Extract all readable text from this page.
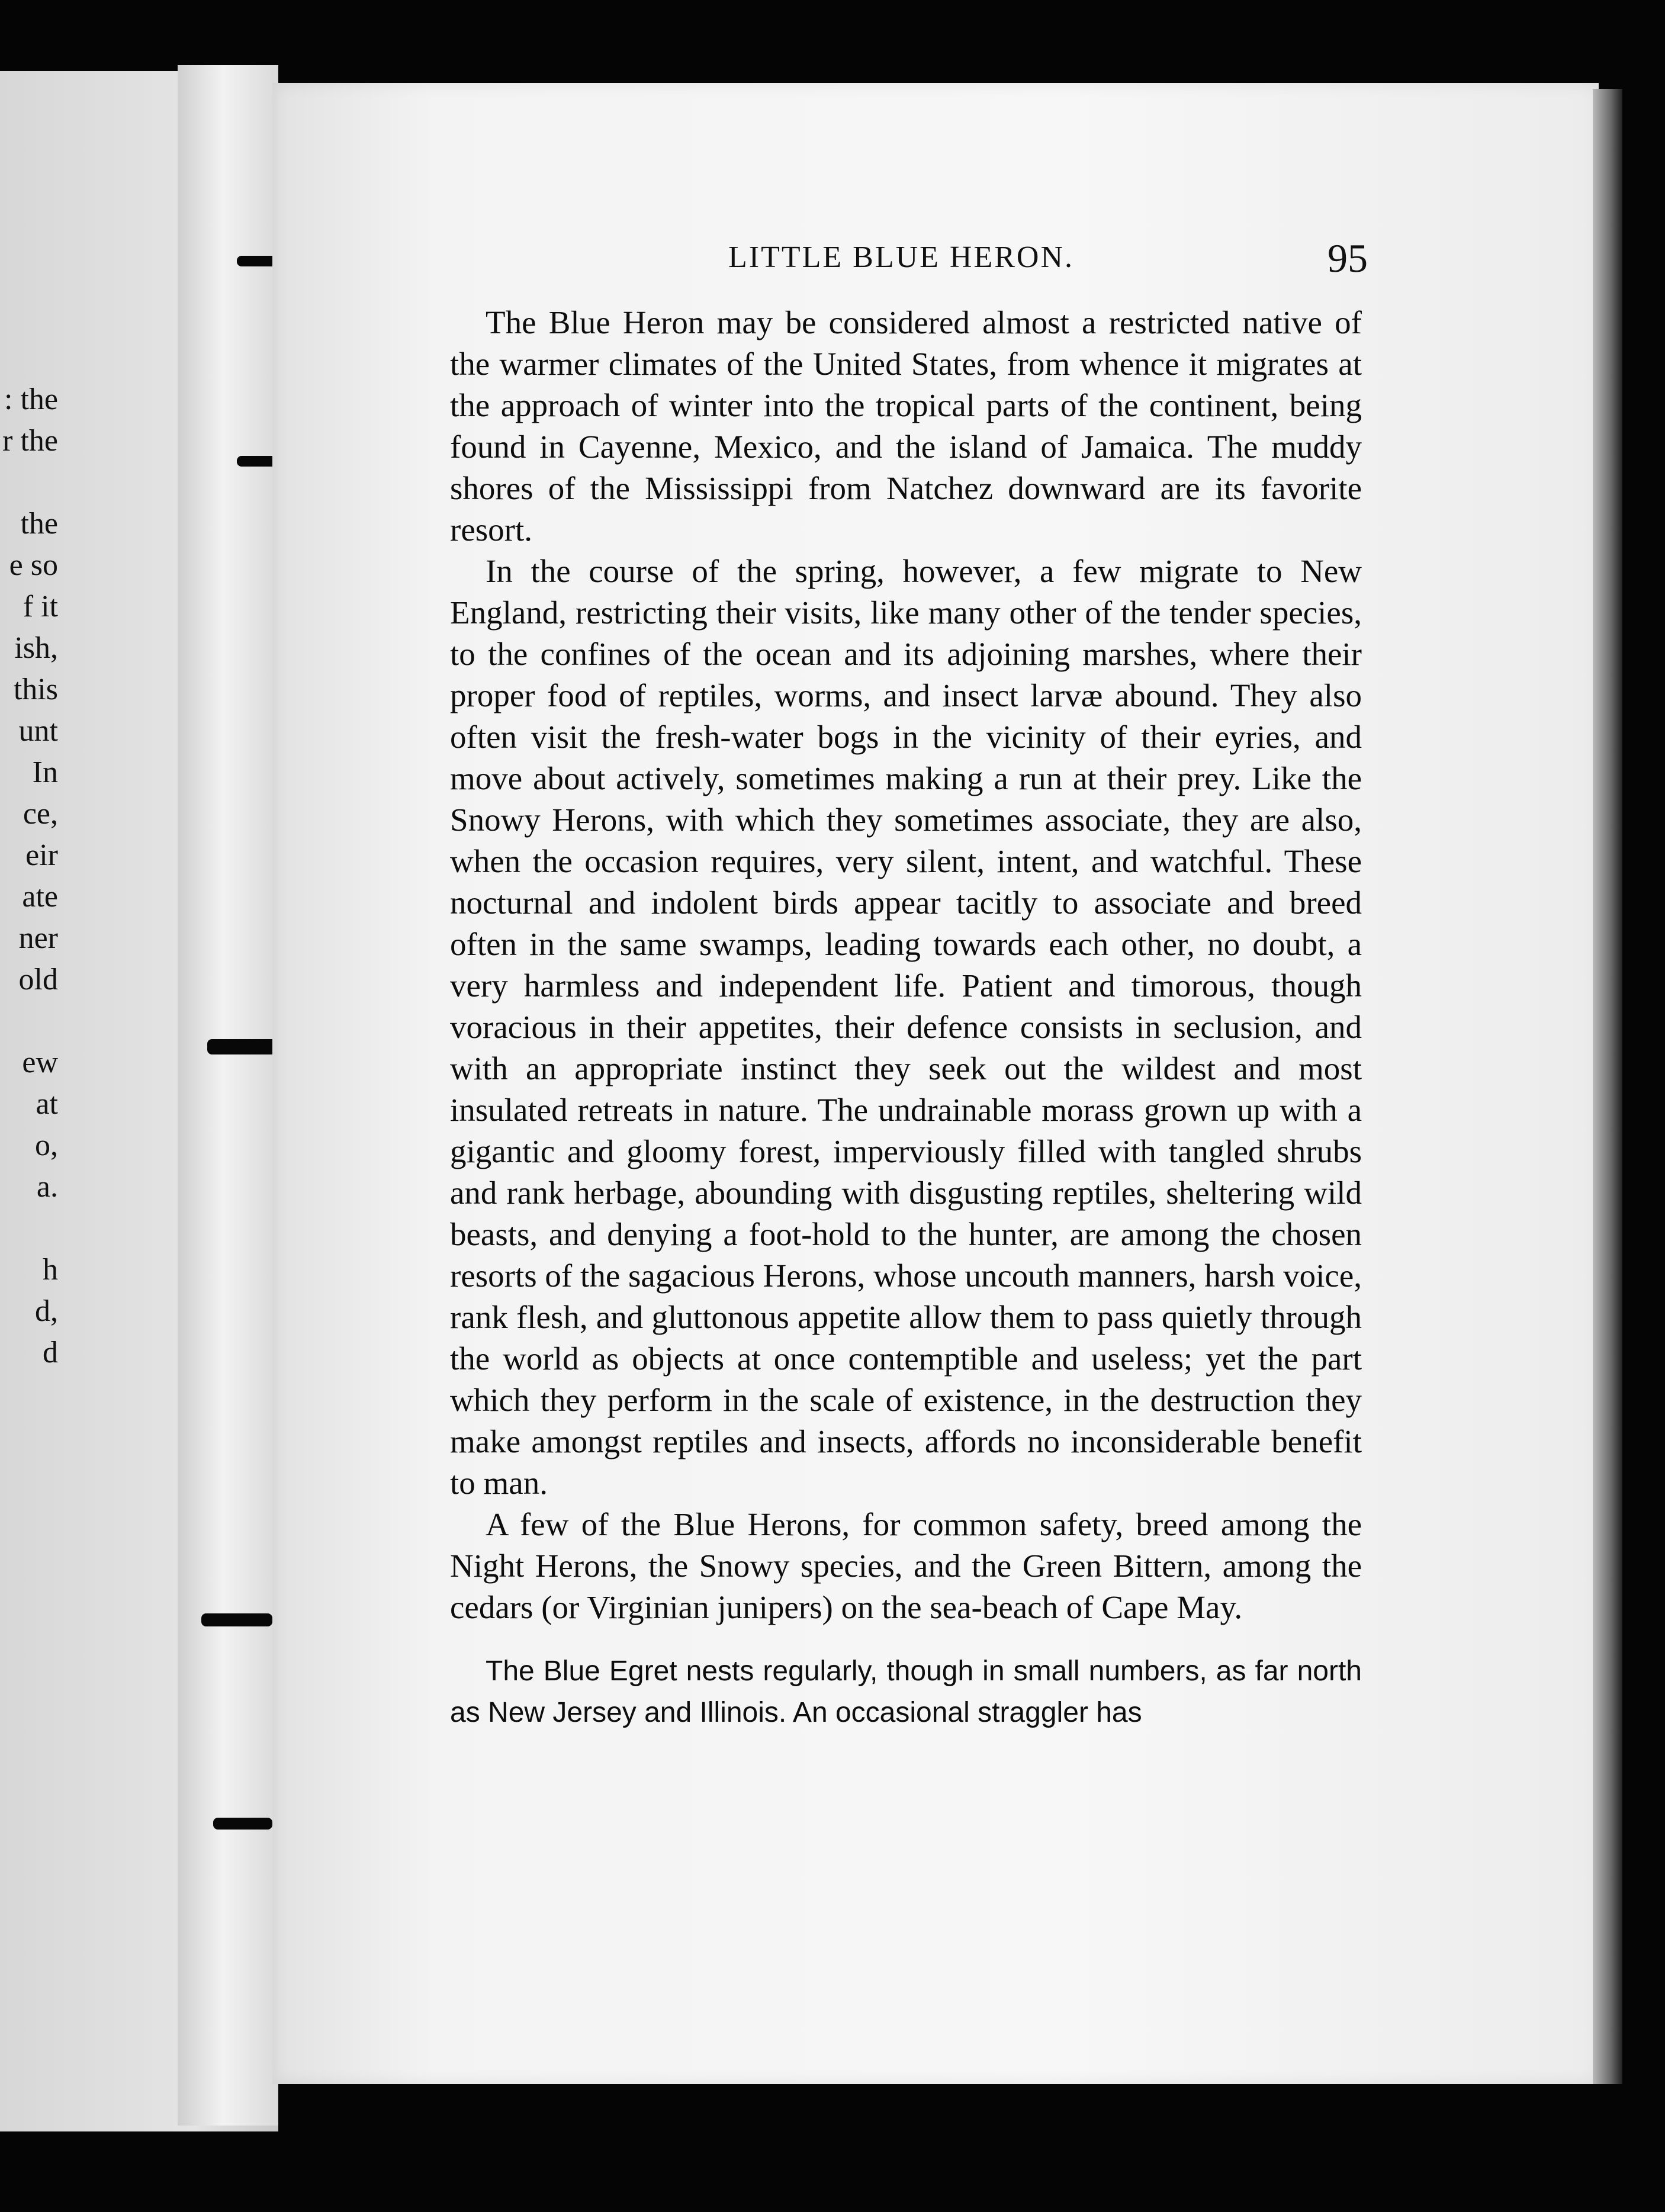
: the
r the

the
e so
f it
ish,
this
unt
In
ce,
eir
ate
ner
old

ew
at
o,
a.

h
d,
d
LITTLE BLUE HERON.	95

The Blue Heron may be considered almost a restricted native of the warmer climates of the United States, from whence it migrates at the approach of winter into the tropical parts of the continent, being found in Cayenne, Mexico, and the island of Jamaica. The muddy shores of the Mississippi from Natchez downward are its favorite resort.

In the course of the spring, however, a few migrate to New England, restricting their visits, like many other of the tender species, to the confines of the ocean and its adjoining marshes, where their proper food of reptiles, worms, and insect larvæ abound. They also often visit the fresh-water bogs in the vicinity of their eyries, and move about actively, sometimes making a run at their prey. Like the Snowy Herons, with which they sometimes associate, they are also, when the occasion requires, very silent, intent, and watchful. These nocturnal and indolent birds appear tacitly to associate and breed often in the same swamps, leading towards each other, no doubt, a very harmless and independent life. Patient and timorous, though voracious in their appetites, their defence consists in seclusion, and with an appropriate instinct they seek out the wildest and most insulated retreats in nature. The undrainable morass grown up with a gigantic and gloomy forest, imperviously filled with tangled shrubs and rank herbage, abounding with disgusting reptiles, sheltering wild beasts, and denying a foot-hold to the hunter, are among the chosen resorts of the sagacious Herons, whose uncouth manners, harsh voice, rank flesh, and gluttonous appetite allow them to pass quietly through the world as objects at once contemptible and useless; yet the part which they perform in the scale of existence, in the destruction they make amongst reptiles and insects, affords no inconsiderable benefit to man.

A few of the Blue Herons, for common safety, breed among the Night Herons, the Snowy species, and the Green Bittern, among the cedars (or Virginian junipers) on the sea-beach of Cape May.

The Blue Egret nests regularly, though in small numbers, as far north as New Jersey and Illinois. An occasional straggler has
